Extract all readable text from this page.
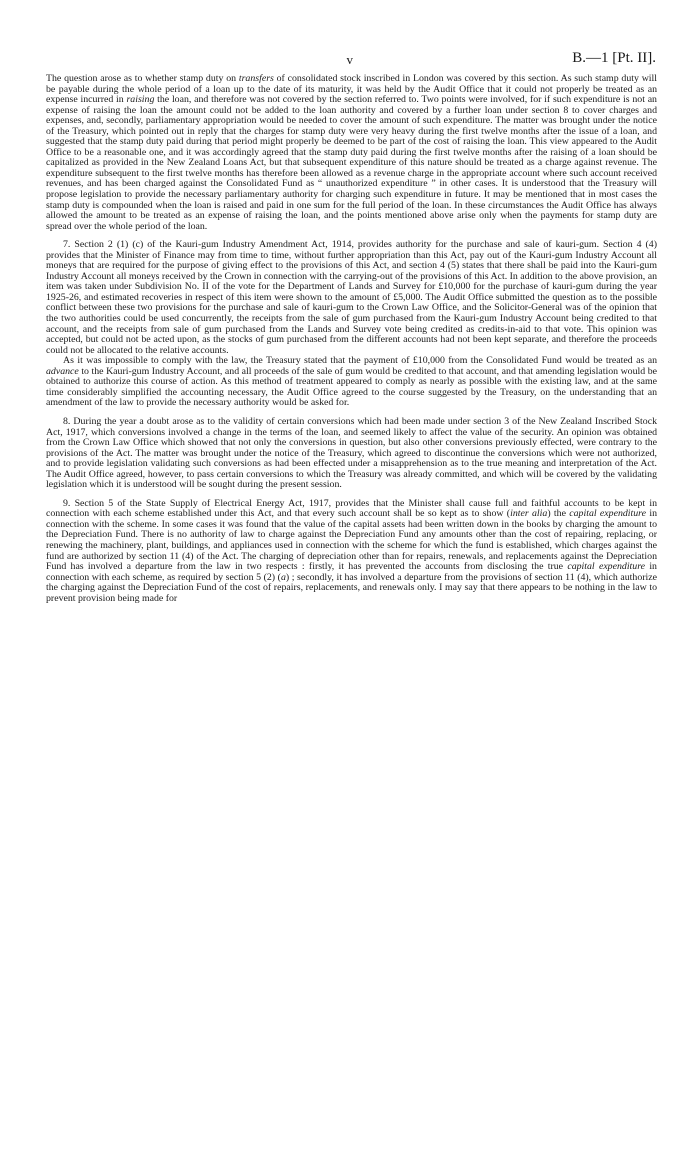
v	B.—1 [Pt. II].

The question arose as to whether stamp duty on transfers of consolidated stock inscribed in London was covered by this section. As such stamp duty will be payable during the whole period of a loan up to the date of its maturity, it was held by the Audit Office that it could not properly be treated as an expense incurred in raising the loan, and therefore was not covered by the section referred to. Two points were involved, for if such expenditure is not an expense of raising the loan the amount could not be added to the loan authority and covered by a further loan under section 8 to cover charges and expenses, and, secondly, parliamentary appropriation would be needed to cover the amount of such expenditure. The matter was brought under the notice of the Treasury, which pointed out in reply that the charges for stamp duty were very heavy during the first twelve months after the issue of a loan, and suggested that the stamp duty paid during that period might properly be deemed to be part of the cost of raising the loan. This view appeared to the Audit Office to be a reasonable one, and it was accordingly agreed that the stamp duty paid during the first twelve months after the raising of a loan should be capitalized as provided in the New Zealand Loans Act, but that subsequent expenditure of this nature should be treated as a charge against revenue. The expenditure subsequent to the first twelve months has therefore been allowed as a revenue charge in the appropriate account where such account received revenues, and has been charged against the Consolidated Fund as “ unauthorized expenditure ” in other cases. It is understood that the Treasury will propose legislation to provide the necessary parliamentary authority for charging such expenditure in future. It may be mentioned that in most cases the stamp duty is compounded when the loan is raised and paid in one sum for the full period of the loan. In these circumstances the Audit Office has always allowed the amount to be treated as an expense of raising the loan, and the points mentioned above arise only when the payments for stamp duty are spread over the whole period of the loan.

7. Section 2 (1) (c) of the Kauri-gum Industry Amendment Act, 1914, provides authority for the purchase and sale of kauri-gum. Section 4 (4) provides that the Minister of Finance may from time to time, without further appropriation than this Act, pay out of the Kauri-gum Industry Account all moneys that are required for the purpose of giving effect to the provisions of this Act, and section 4 (5) states that there shall be paid into the Kauri-gum Industry Account all moneys received by the Crown in connection with the carrying-out of the provisions of this Act. In addition to the above provision, an item was taken under Subdivision No. II of the vote for the Department of Lands and Survey for £10,000 for the purchase of kauri-gum during the year 1925-26, and estimated recoveries in respect of this item were shown to the amount of £5,000. The Audit Office submitted the question as to the possible conflict between these two provisions for the purchase and sale of kauri-gum to the Crown Law Office, and the Solicitor-General was of the opinion that the two authorities could be used concurrently, the receipts from the sale of gum purchased from the Kauri-gum Industry Account being credited to that account, and the receipts from sale of gum purchased from the Lands and Survey vote being credited as credits-in-aid to that vote. This opinion was accepted, but could not be acted upon, as the stocks of gum purchased from the different accounts had not been kept separate, and therefore the proceeds could not be allocated to the relative accounts.

As it was impossible to comply with the law, the Treasury stated that the payment of £10,000 from the Consolidated Fund would be treated as an advance to the Kauri-gum Industry Account, and all proceeds of the sale of gum would be credited to that account, and that amending legislation would be obtained to authorize this course of action. As this method of treatment appeared to comply as nearly as possible with the existing law, and at the same time considerably simplified the accounting necessary, the Audit Office agreed to the course suggested by the Treasury, on the understanding that an amendment of the law to provide the necessary authority would be asked for.

8. During the year a doubt arose as to the validity of certain conversions which had been made under section 3 of the New Zealand Inscribed Stock Act, 1917, which conversions involved a change in the terms of the loan, and seemed likely to affect the value of the security. An opinion was obtained from the Crown Law Office which showed that not only the conversions in question, but also other conversions previously effected, were contrary to the provisions of the Act. The matter was brought under the notice of the Treasury, which agreed to discontinue the conversions which were not authorized, and to provide legislation validating such conversions as had been effected under a misapprehension as to the true meaning and interpretation of the Act. The Audit Office agreed, however, to pass certain conversions to which the Treasury was already committed, and which will be covered by the validating legislation which it is understood will be sought during the present session.

9. Section 5 of the State Supply of Electrical Energy Act, 1917, provides that the Minister shall cause full and faithful accounts to be kept in connection with each scheme established under this Act, and that every such account shall be so kept as to show (inter alia) the capital expenditure in connection with the scheme. In some cases it was found that the value of the capital assets had been written down in the books by charging the amount to the Depreciation Fund. There is no authority of law to charge against the Depreciation Fund any amounts other than the cost of repairing, replacing, or renewing the machinery, plant, buildings, and appliances used in connection with the scheme for which the fund is established, which charges against the fund are authorized by section 11 (4) of the Act. The charging of depreciation other than for repairs, renewals, and replacements against the Depreciation Fund has involved a departure from the law in two respects : firstly, it has prevented the accounts from disclosing the true capital expenditure in connection with each scheme, as required by section 5 (2) (a) ; secondly, it has involved a departure from the provisions of section 11 (4), which authorize the charging against the Depreciation Fund of the cost of repairs, replacements, and renewals only. I may say that there appears to be nothing in the law to prevent provision being made for
